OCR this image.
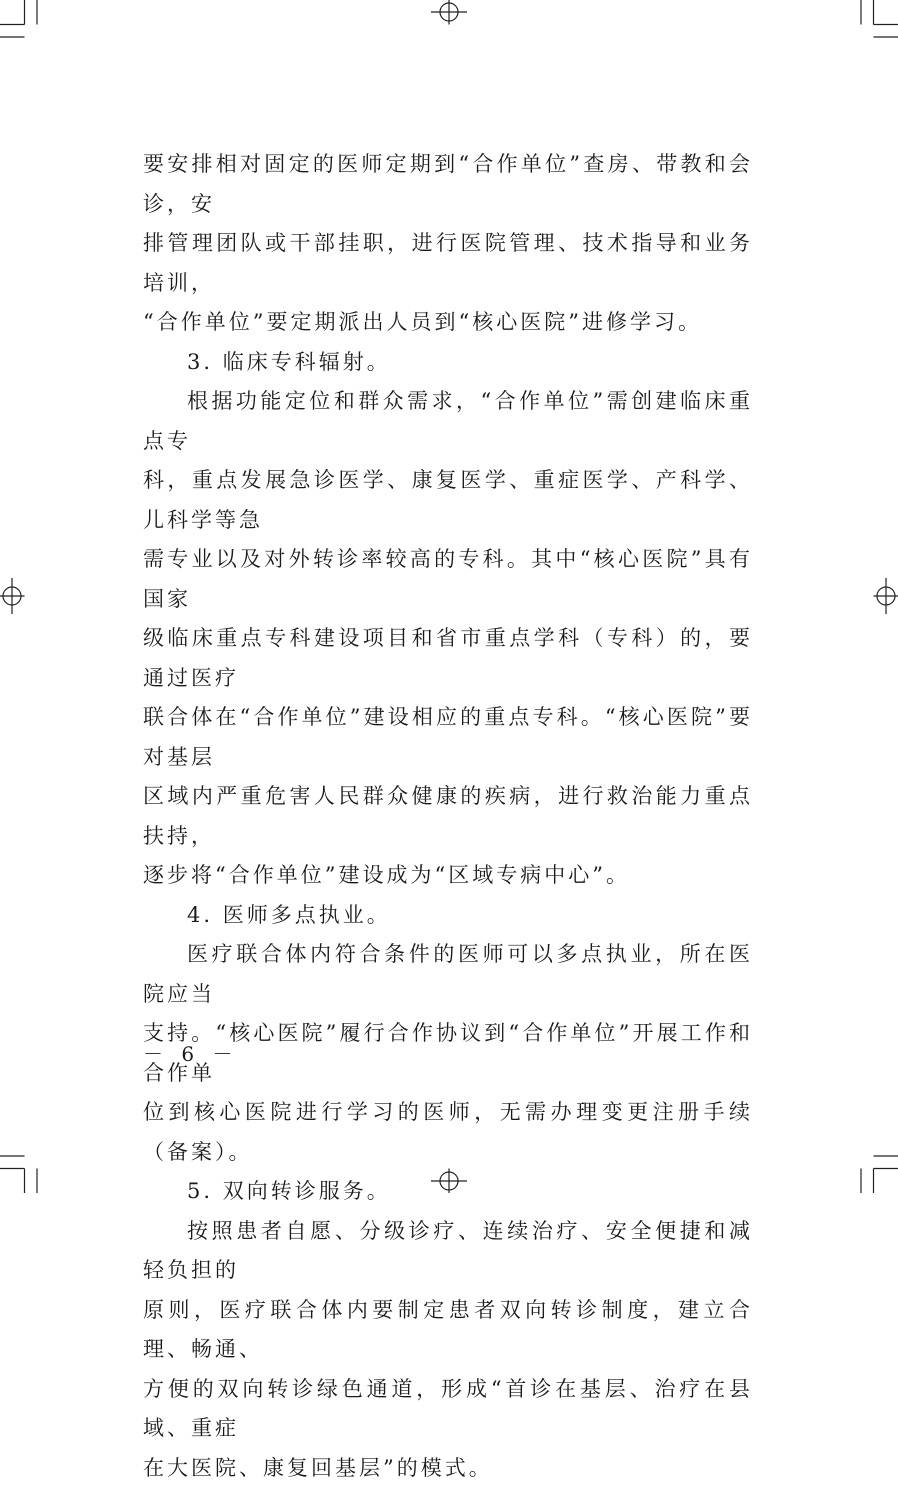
要安排相对固定的医师定期到“合作单位”查房、带教和会诊，安
排管理团队或干部挂职，进行医院管理、技术指导和业务培训，
“合作单位”要定期派出人员到“核心医院”进修学习。

3. 临床专科辐射。

根据功能定位和群众需求，“合作单位”需创建临床重点专
科，重点发展急诊医学、康复医学、重症医学、产科学、儿科学等急
需专业以及对外转诊率较高的专科。其中“核心医院”具有国家
级临床重点专科建设项目和省市重点学科（专科）的，要通过医疗
联合体在“合作单位”建设相应的重点专科。“核心医院”要对基层
区域内严重危害人民群众健康的疾病，进行救治能力重点扶持，
逐步将“合作单位”建设成为“区域专病中心”。

4. 医师多点执业。

医疗联合体内符合条件的医师可以多点执业，所在医院应当
支持。“核心医院”履行合作协议到“合作单位”开展工作和合作单
位到核心医院进行学习的医师，无需办理变更注册手续（备案）。

5. 双向转诊服务。

按照患者自愿、分级诊疗、连续治疗、安全便捷和减轻负担的
原则，医疗联合体内要制定患者双向转诊制度，建立合理、畅通、
方便的双向转诊绿色通道，形成“首诊在基层、治疗在县域、重症
在大医院、康复回基层”的模式。

－ 6 －
